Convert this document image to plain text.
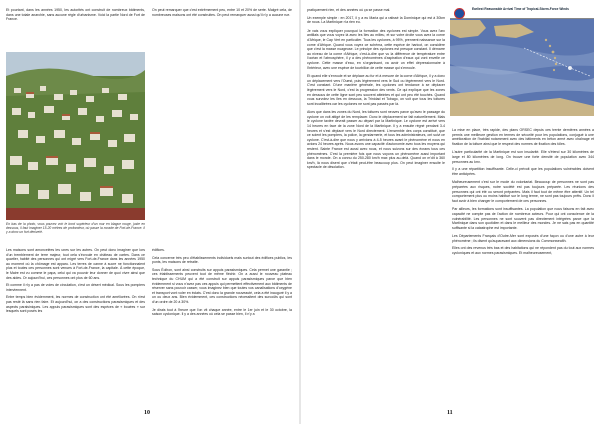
Et pourtant, dans les années 1950, les autorités ont construit de nombreux bâtiments, dans une totale anarchie, sans aucune règle d'urbanisme. Voici la partie Nord de Fort de France.

En bas de la photo, vous pouvez voir le bord supérieur d'un mur en blague rouge, juste en dessous, il faut imaginer 15-20 mètres de profondeur, où passe la rocade de Fort-de-France. Il y a donc un fort dénivelé.

Les maisons sont amoncelées les unes sur les autres. On peut donc imaginer que lors d'un tremblement de terre majeur, tout cela s'écroule en château de cartes. Dans ce quartier, habité des personnes qui ont migré vers Fort-de-France dans les années 1950 au moment où la chômage est apparu. Les terres de canne à sucre ne fonctionnaient plus et toutes ces personnes sont venues à Fort-de-France, la capitale. À cette époque, le Maire est vu comme le papa, celui qui va pouvoir leur donner de quoi vivre ainsi que des aides. Or aujourd'hui, ces personnes ont plus de 60 ans.

Et comme il n'y a pas de voies de circulation, c'est un désert médical. Sous les pompiers interviennent.

Entre temps bien évidemment, les normes de construction ont été améliorées. On n'est pas resté là sans rien faire. Et aujourd'hui, on a des constructions parasismiques et des aspects paraisiniques. Les appuis parasismiques sont des espèces de « bouées » sur lesquels sont posés les

On peut remarquer que c'est extrêmement peu, entre 10 et 20% de serte. Malgré cela, de nombreuses maisons ont été construites. On peut remarquer aussi qu'il n'y a aucune rue.

édifices.

Cela concerne très peu d'établissements individuels mais surtout des édifices publics, les ponts, les maisons de retraite.

Sous Éolhon, sont ainsi construits sur appuis parasismiques. Cela permet une garantie ; ces établissements peuvent tout de même fléchir. On a aussi le nouveau plateau technique du CHUM qui a été construit sur appuis parasismiques parce que bien évidemment si vous n'avez pas ces appuis qui permettent effectivement aux bâtiments de réserver sans pouvoir casser, vous imaginez bien que toutes vos canalisations d'oxygène et transport vont voler en éclats. C'est donc la grande nouveauté, cela a été inauguré il y a un ou deux ans. Bien évidemment, ces constructions nécessitent des surcoûts qui sont d'un ordre de 20 à 30%.

Je dirais tout à l'heure que l'on vit chaque année, entre le 1er juin et le 30 octobre, la saison cyclonique. Il y a des années où cela se passe bien, il n'y a

10

pratiquement rien, et des années où ça se passe mal.

Un exemple simple : en 2017, il y a eu Maria qui a ratissé la Dominique qui est à 30km de nous. La Martinique n'a rien eu.

Je vais vous expliquer pourquoi la formation des cyclones est simple. Vous avez l'arc antillais que vous voyez là avec les îles au milieu, et sur votre droite vous avez la corne d'Afrique, le Cap Vert en particulier. Tous les cyclones, à 95%, prennent naissance sur la corne d'Afrique. Quand vous voyez ce schéma, cette espèce de haricot, on considère que c'est la masse nuageuse. Le principe des cyclones est presque constant. Il démarre au niveau de la corne d'Afrique, c'est-à-dire que vu la différence de température entre l'océan et l'atmosphère, il y a des phénomènes d'aspiration d'eaux qui vont envelle ce cyclone. Cette masse d'eau, en s'organisant, va avoir un effet dépressionnaire à l'intérieur, avec une espèce de tourbillon de cette masse qui s'enroule.

Et quand elle s'enroule et se déplace au fur et à mesure de la corne d'Afrique, il y a donc un déplacement vers l'Ouest, puis légèrement vers le Sud ou légèrement vers le Nord. C'est constant. D'une manière générale, les cyclones ont tendance à se déplacer légèrement vers le Nord, c'est la progression des vents. Ce qui explique que les zones en dessous de cette ligne sont peu souvent atteintes et qui ont peu été touchés. Quand vous survolez les îles en dessous, la Trinidad et Tobago, on voit que tous les toitures sont incalibrées car les cyclones ne sont pas passés par là.

Alors que dans les zones du Nord, les toitures sont neuves parce qu'avec le passage du cyclone on voit attigé de les remplacer. Donc le déplacement se fait naturellement. Mais le cyclone taxiée devrait passer au départ par la Martinique. Le cyclone est arrivé vers 14 heures en face de la zone Nord de la Martinique. Il y a ensuite régné pendant 3-4 heures et s'est déplacé vers le Nord directement. L'ensemble des corps constitué, que ce soient les pompiers, la police, la gendarmerie, et tous les administrateurs, ont suivi ce cyclone. C'est-à-dire que nous y arrivions à 4-5 heures avant le phénomène et nous en avions 24 heures après. Nous avons une capacité d'autonomie avec tous les moyens qui restent. Sainte France est aussi avec nous, et nous suivons sur des écrans tous ces phénomènes. C'est la première fois que nous voyons un phénomène aussi important dans le monde. On a connu du 250-280 km/h max plus au-delà. Quand on m'dit à 360 km/h, là nous disent que c'était peut-être beaucoup plus. On peut imaginer ensuite le spectacle de désolation.

La mise en place, très rapide, des plans ORSEC depuis ces trente dernières années a permis une meilleure gestion en termes de sécurité pour les populations, conjugué à une amélioration de l'habitat notamment avec des bâtiments en béton armé avec chaînage et fixation de la toiture ainsi que le respect des normes de fixation des tôles.

L'autre particularité de la Martinique est son insularité. Elle s'étend sur 30 kilomètres de large et 80 kilomètres de long. On trouve une forte densité de population avec 344 personnes au km².

Il y a une répartition insuffisante. Celle-ci prévoit que les populations vulnérables doivent être anticipées.

Malheureusement c'est sur le mode du volontariat. Beaucoup de personnes ne sont pas préparées aux risques, notre société est pas toujours préparée. Les réunions des personnes qui ont été ou seront préparées. Mais il faut tout de même être attentif. Un tel comportement plus ou moins habitué sur le long terme, ne sont pas toujours prêts. Donc il faut avoir à bien changer le comportement de ces personnes.

Par ailleurs, les formations sont insuffisantes. La population que nous faisons en fait avec capacité ne compte pas de l'action de nombreux acteurs. Pour qui ont conscience de la vulnérabilité. Les personnes ne sont souvent pas directement intégrées parce que la Martinique dans son quotidien et dans le meilleur des mondes. Je ne sais pas en quantité suffisante si la catastrophe est importante.

Les Départements Français d'Outre-Mer sont exposés d'une façon ou d'une autre à leur phénomène ; ils disent qu'auparavant aux dimensions du Commonwealth.

Elles ont des revenus très bas et des habitations qui ne répondent pas du tout aux normes cycloniques et aux normes parasismiques. Et malheureusement,

11
Earliest Reasonable Arrival Time of Tropical-Storm-Force Winds
